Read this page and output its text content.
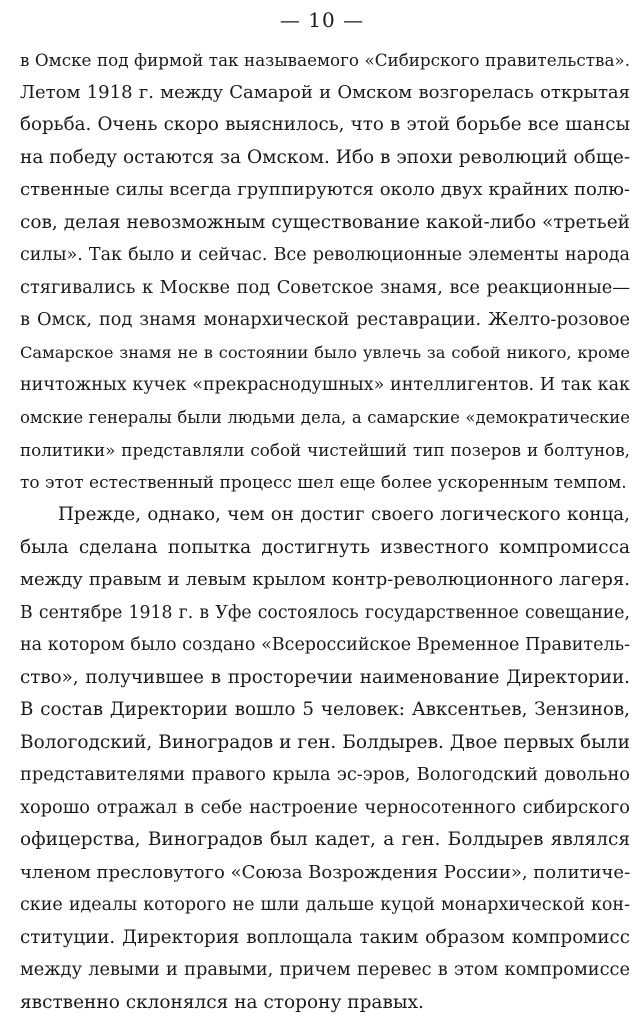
— 10 —
в Омске под фирмой так называемого «Сибирского правительства».
Летом 1918 г. между Самарой и Омском возгорелась открытая
борьба. Очень скоро выяснилось, что в этой борьбе все шансы
на победу остаются за Омском. Ибо в эпохи революций обще-
ственные силы всегда группируются около двух крайних полю-
сов, делая невозможным существование какой-либо «третьей
силы». Так было и сейчас. Все революционные элементы народа
стягивались к Москве под Советское знамя, все реакционные—
в Омск, под знамя монархической реставрации. Желто-розовое
Самарское знамя не в состоянии было увлечь за собой никого, кроме
ничтожных кучек «прекраснодушных» интеллигентов. И так как
омские генералы были людьми дела, а самарские «демократические
политики» представляли собой чистейший тип позеров и болтунов,
то этот естественный процесс шел еще более ускоренным темпом.
Прежде, однако, чем он достиг своего логического конца,
была сделана попытка достигнуть известного компромисса
между правым и левым крылом контр-революционного лагеря.
В сентябре 1918 г. в Уфе состоялось государственное совещание,
на котором было создано «Всероссийское Временное Правитель-
ство», получившее в просторечии наименование Директории.
В состав Директории вошло 5 человек: Авксентьев, Зензинов,
Вологодский, Виноградов и ген. Болдырев. Двое первых были
представителями правого крыла эс-эров, Вологодский довольно
хорошо отражал в себе настроение черносотенного сибирского
офицерства, Виноградов был кадет, а ген. Болдырев являлся
членом пресловутого «Союза Возрождения России», политиче-
ские идеалы которого не шли дальше куцой монархической кон-
ституции. Директория воплощала таким образом компромисс
между левыми и правыми, причем перевес в этом компромиссе
явственно склонялся на сторону правых.
